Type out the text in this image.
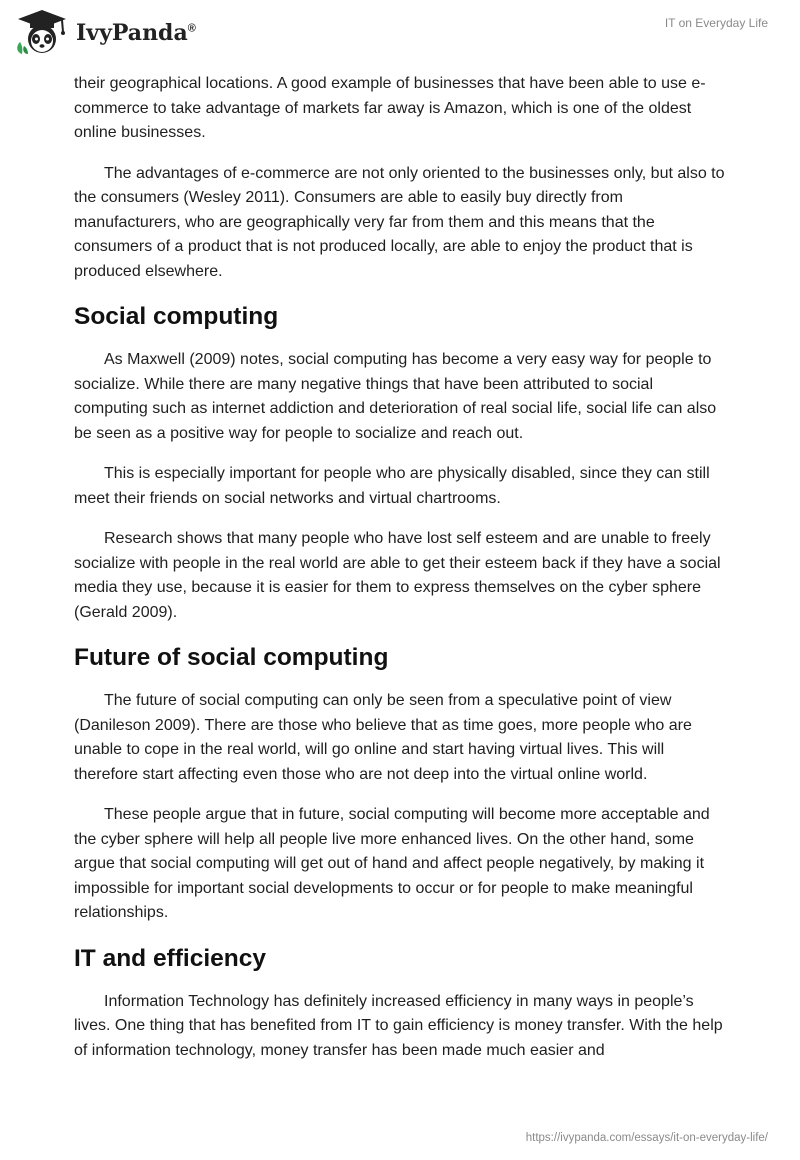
IvyPanda®	IT on Everyday Life

their geographical locations. A good example of businesses that have been able to use e-commerce to take advantage of markets far away is Amazon, which is one of the oldest online businesses.

The advantages of e-commerce are not only oriented to the businesses only, but also to the consumers (Wesley 2011). Consumers are able to easily buy directly from manufacturers, who are geographically very far from them and this means that the consumers of a product that is not produced locally, are able to enjoy the product that is produced elsewhere.

Social computing

As Maxwell (2009) notes, social computing has become a very easy way for people to socialize. While there are many negative things that have been attributed to social computing such as internet addiction and deterioration of real social life, social life can also be seen as a positive way for people to socialize and reach out.

This is especially important for people who are physically disabled, since they can still meet their friends on social networks and virtual chartrooms.

Research shows that many people who have lost self esteem and are unable to freely socialize with people in the real world are able to get their esteem back if they have a social media they use, because it is easier for them to express themselves on the cyber sphere (Gerald 2009).

Future of social computing

The future of social computing can only be seen from a speculative point of view (Danileson 2009). There are those who believe that as time goes, more people who are unable to cope in the real world, will go online and start having virtual lives. This will therefore start affecting even those who are not deep into the virtual online world.

These people argue that in future, social computing will become more acceptable and the cyber sphere will help all people live more enhanced lives. On the other hand, some argue that social computing will get out of hand and affect people negatively, by making it impossible for important social developments to occur or for people to make meaningful relationships.

IT and efficiency

Information Technology has definitely increased efficiency in many ways in people’s lives. One thing that has benefited from IT to gain efficiency is money transfer. With the help of information technology, money transfer has been made much easier and

https://ivypanda.com/essays/it-on-everyday-life/
